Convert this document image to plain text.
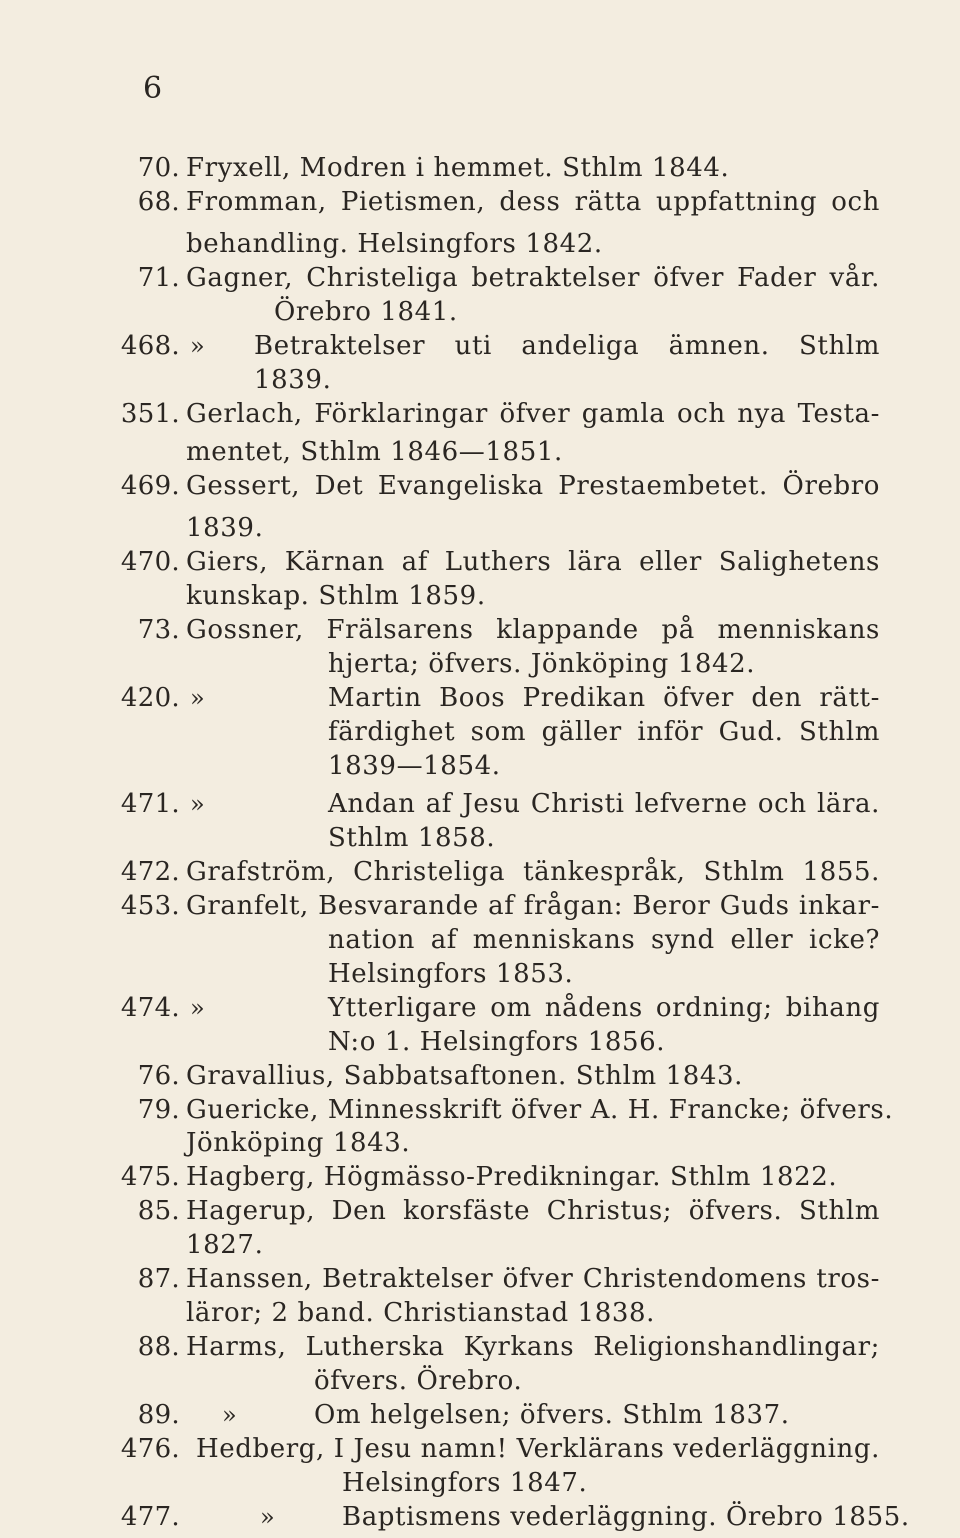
6
70. Fryxell, Modren i hemmet. Sthlm 1844.
68. Fromman, Pietismen, dess rätta uppfattning och
behandling. Helsingfors 1842.
71. Gagner, Christeliga betraktelser öfver Fader vår.
Örebro 1841.
468. »	Betraktelser uti andeliga ämnen. Sthlm
1839.
351. Gerlach, Förklaringar öfver gamla och nya Testa-
mentet, Sthlm 1846—1851.
469. Gessert, Det Evangeliska Prestaembetet. Örebro
1839.
470. Giers, Kärnan af Luthers lära eller Salighetens
kunskap. Sthlm 1859.
73. Gossner, Frälsarens klappande på menniskans
hjerta; öfvers. Jönköping 1842.
420. »	Martin Boos Predikan öfver den rätt-
färdighet som gäller inför Gud. Sthlm
1839—1854.
471. »	Andan af Jesu Christi lefverne och lära.
Sthlm 1858.
472. Grafström, Christeliga tänkespråk, Sthlm 1855.
453. Granfelt, Besvarande af frågan: Beror Guds inkar-
nation af menniskans synd eller icke?
Helsingfors 1853.
474. »	Ytterligare om nådens ordning; bihang
N:o 1. Helsingfors 1856.
76. Gravallius, Sabbatsaftonen. Sthlm 1843.
79. Guericke, Minnesskrift öfver A. H. Francke; öfvers.
Jönköping 1843.
475. Hagberg, Högmässo-Predikningar. Sthlm 1822.
85. Hagerup, Den korsfäste Christus; öfvers. Sthlm
1827.
87. Hanssen, Betraktelser öfver Christendomens tros-
läror; 2 band. Christianstad 1838.
88. Harms, Lutherska Kyrkans Religionshandlingar;
öfvers. Örebro.
89. »	Om helgelsen; öfvers. Sthlm 1837.
476. Hedberg, I Jesu namn! Verklärans vederläggning.
Helsingfors 1847.
477.	»	Baptismens vederläggning. Örebro 1855.
